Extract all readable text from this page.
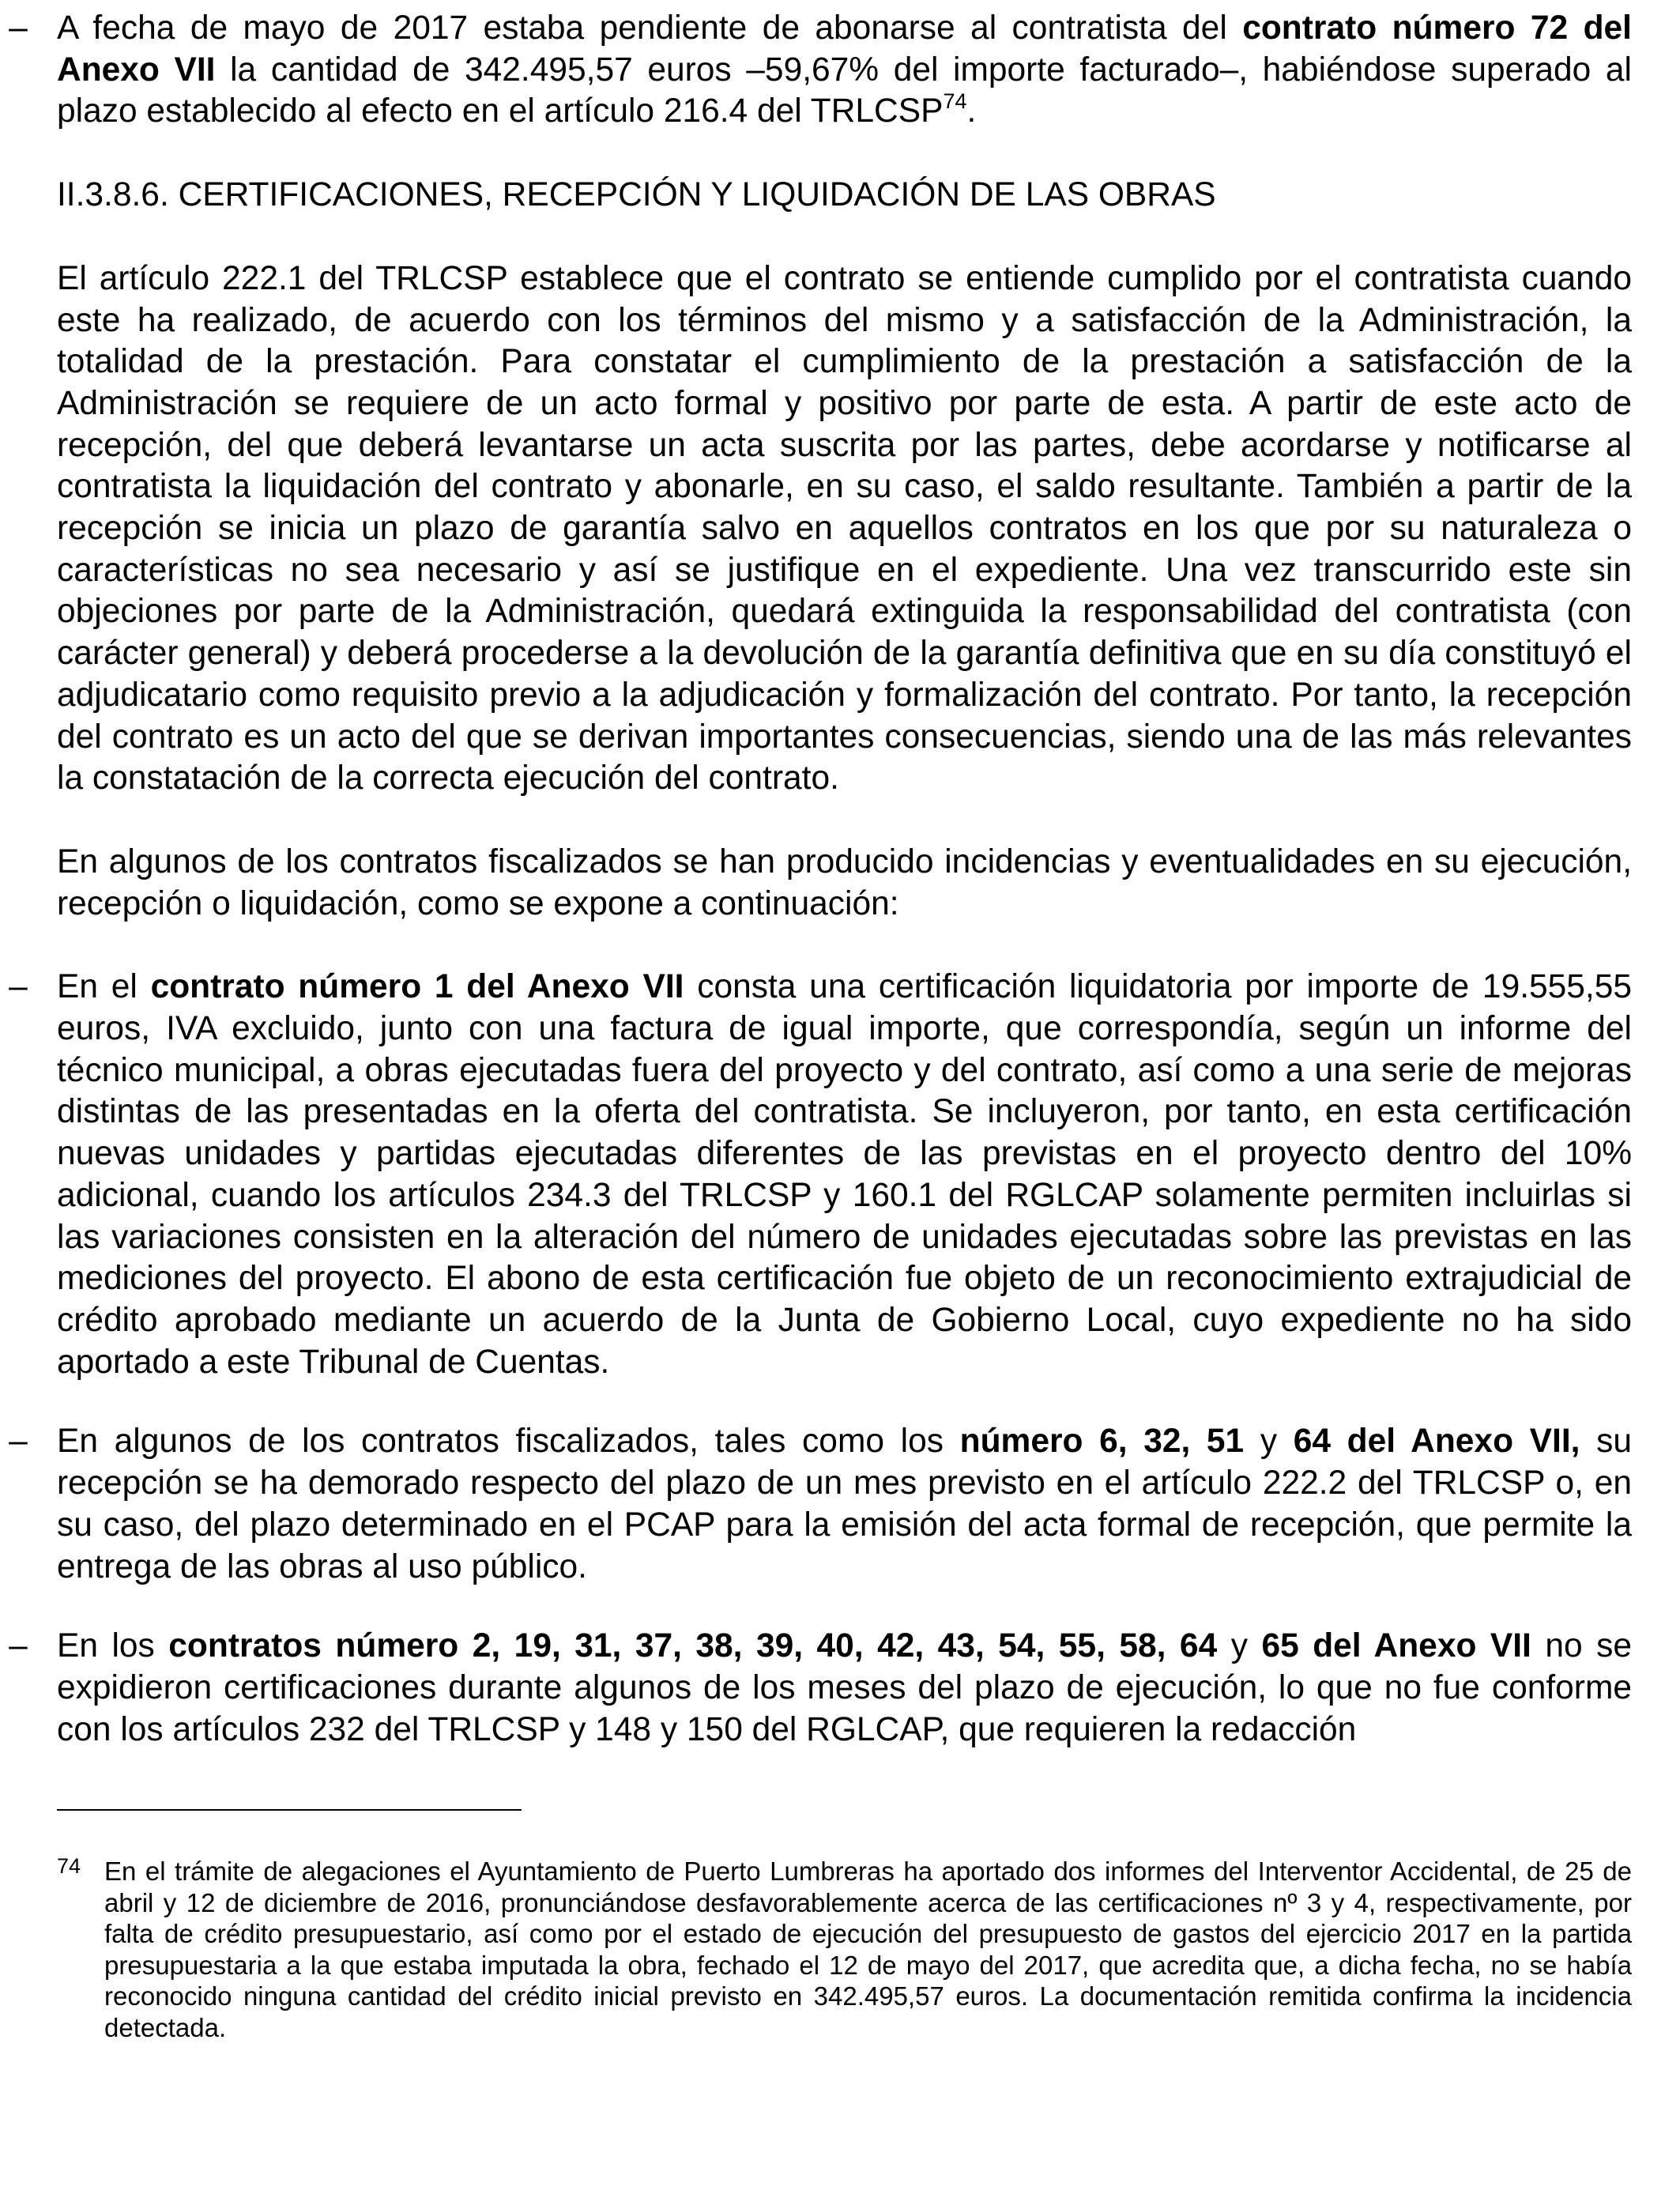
– A fecha de mayo de 2017 estaba pendiente de abonarse al contratista del contrato número 72 del Anexo VII la cantidad de 342.495,57 euros –59,67% del importe facturado–, habiéndose superado al plazo establecido al efecto en el artículo 216.4 del TRLCSP$^{74}$.

II.3.8.6. CERTIFICACIONES, RECEPCIÓN Y LIQUIDACIÓN DE LAS OBRAS

El artículo 222.1 del TRLCSP establece que el contrato se entiende cumplido por el contratista cuando este ha realizado, de acuerdo con los términos del mismo y a satisfacción de la Administración, la totalidad de la prestación. Para constatar el cumplimiento de la prestación a satisfacción de la Administración se requiere de un acto formal y positivo por parte de esta. A partir de este acto de recepción, del que deberá levantarse un acta suscrita por las partes, debe acordarse y notificarse al contratista la liquidación del contrato y abonarle, en su caso, el saldo resultante. También a partir de la recepción se inicia un plazo de garantía salvo en aquellos contratos en los que por su naturaleza o características no sea necesario y así se justifique en el expediente. Una vez transcurrido este sin objeciones por parte de la Administración, quedará extinguida la responsabilidad del contratista (con carácter general) y deberá procederse a la devolución de la garantía definitiva que en su día constituyó el adjudicatario como requisito previo a la adjudicación y formalización del contrato. Por tanto, la recepción del contrato es un acto del que se derivan importantes consecuencias, siendo una de las más relevantes la constatación de la correcta ejecución del contrato.

En algunos de los contratos fiscalizados se han producido incidencias y eventualidades en su ejecución, recepción o liquidación, como se expone a continuación:

– En el contrato número 1 del Anexo VII consta una certificación liquidatoria por importe de 19.555,55 euros, IVA excluido, junto con una factura de igual importe, que correspondía, según un informe del técnico municipal, a obras ejecutadas fuera del proyecto y del contrato, así como a una serie de mejoras distintas de las presentadas en la oferta del contratista. Se incluyeron, por tanto, en esta certificación nuevas unidades y partidas ejecutadas diferentes de las previstas en el proyecto dentro del 10% adicional, cuando los artículos 234.3 del TRLCSP y 160.1 del RGLCAP solamente permiten incluirlas si las variaciones consisten en la alteración del número de unidades ejecutadas sobre las previstas en las mediciones del proyecto. El abono de esta certificación fue objeto de un reconocimiento extrajudicial de crédito aprobado mediante un acuerdo de la Junta de Gobierno Local, cuyo expediente no ha sido aportado a este Tribunal de Cuentas.

– En algunos de los contratos fiscalizados, tales como los número 6, 32, 51 y 64 del Anexo VII, su recepción se ha demorado respecto del plazo de un mes previsto en el artículo 222.2 del TRLCSP o, en su caso, del plazo determinado en el PCAP para la emisión del acta formal de recepción, que permite la entrega de las obras al uso público.

– En los contratos número 2, 19, 31, 37, 38, 39, 40, 42, 43, 54, 55, 58, 64 y 65 del Anexo VII no se expidieron certificaciones durante algunos de los meses del plazo de ejecución, lo que no fue conforme con los artículos 232 del TRLCSP y 148 y 150 del RGLCAP, que requieren la redacción

74 En el trámite de alegaciones el Ayuntamiento de Puerto Lumbreras ha aportado dos informes del Interventor Accidental, de 25 de abril y 12 de diciembre de 2016, pronunciándose desfavorablemente acerca de las certificaciones nº 3 y 4, respectivamente, por falta de crédito presupuestario, así como por el estado de ejecución del presupuesto de gastos del ejercicio 2017 en la partida presupuestaria a la que estaba imputada la obra, fechado el 12 de mayo del 2017, que acredita que, a dicha fecha, no se había reconocido ninguna cantidad del crédito inicial previsto en 342.495,57 euros. La documentación remitida confirma la incidencia detectada.
